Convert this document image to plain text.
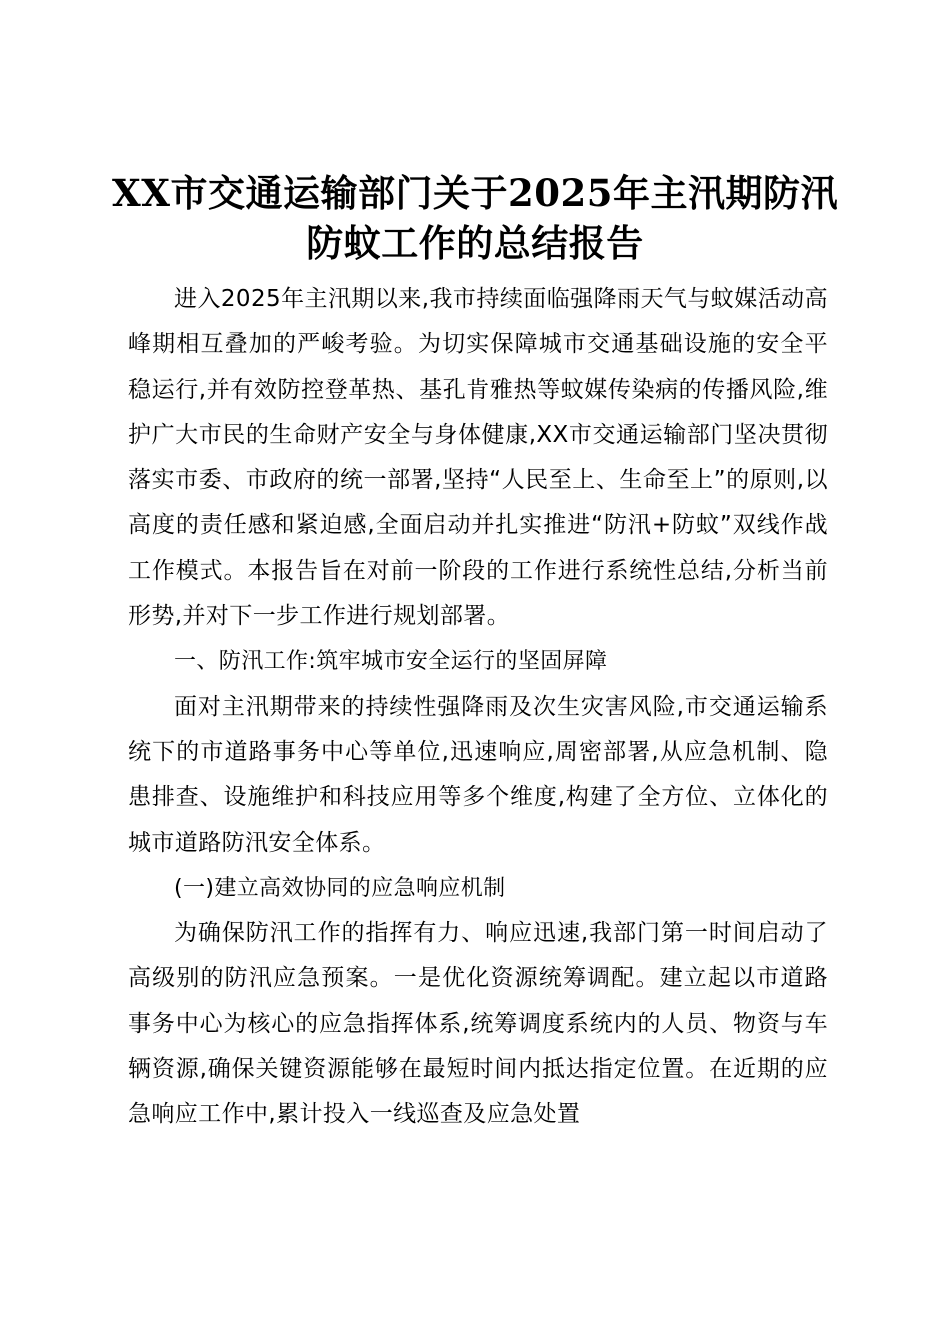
XX市交通运输部门关于2025年主汛期防汛防蚊工作的总结报告

进入2025年主汛期以来,我市持续面临强降雨天气与蚊媒活动高峰期相互叠加的严峻考验。为切实保障城市交通基础设施的安全平稳运行,并有效防控登革热、基孔肯雅热等蚊媒传染病的传播风险,维护广大市民的生命财产安全与身体健康,XX市交通运输部门坚决贯彻落实市委、市政府的统一部署,坚持“人民至上、生命至上”的原则,以高度的责任感和紧迫感,全面启动并扎实推进“防汛+防蚊”双线作战工作模式。本报告旨在对前一阶段的工作进行系统性总结,分析当前形势,并对下一步工作进行规划部署。

一、防汛工作:筑牢城市安全运行的坚固屏障

面对主汛期带来的持续性强降雨及次生灾害风险,市交通运输系统下的市道路事务中心等单位,迅速响应,周密部署,从应急机制、隐患排查、设施维护和科技应用等多个维度,构建了全方位、立体化的城市道路防汛安全体系。

(一)建立高效协同的应急响应机制

为确保防汛工作的指挥有力、响应迅速,我部门第一时间启动了高级别的防汛应急预案。一是优化资源统筹调配。建立起以市道路事务中心为核心的应急指挥体系,统筹调度系统内的人员、物资与车辆资源,确保关键资源能够在最短时间内抵达指定位置。在近期的应急响应工作中,累计投入一线巡查及应急处置
